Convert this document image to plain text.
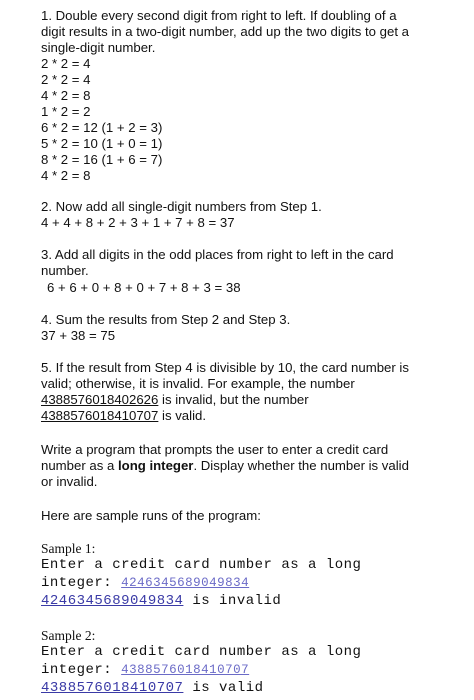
1. Double every second digit from right to left. If doubling of a
digit results in a two-digit number, add up the two digits to get a
single-digit number.
2 * 2 = 4
2 * 2 = 4
4 * 2 = 8
1 * 2 = 2
6 * 2 = 12 (1 + 2 = 3)
5 * 2 = 10 (1 + 0 = 1)
8 * 2 = 16 (1 + 6 = 7)
4 * 2 = 8
2. Now add all single-digit numbers from Step 1.
4 + 4 + 8 + 2 + 3 + 1 + 7 + 8 = 37
3. Add all digits in the odd places from right to left in the card
number.
6 + 6 + 0 + 8 + 0 + 7 + 8 + 3 = 38
4. Sum the results from Step 2 and Step 3.
37 + 38 = 75
5. If the result from Step 4 is divisible by 10, the card number is
valid; otherwise, it is invalid. For example, the number
4388576018402626 is invalid, but the number
4388576018410707 is valid.
Write a program that prompts the user to enter a credit card
number as a long integer. Display whether the number is valid
or invalid.
Here are sample runs of the program:
Sample 1:
Enter a credit card number as a long
integer: 4246345689049834
4246345689049834 is invalid
Sample 2:
Enter a credit card number as a long
integer: 4388576018410707
4388576018410707 is valid
